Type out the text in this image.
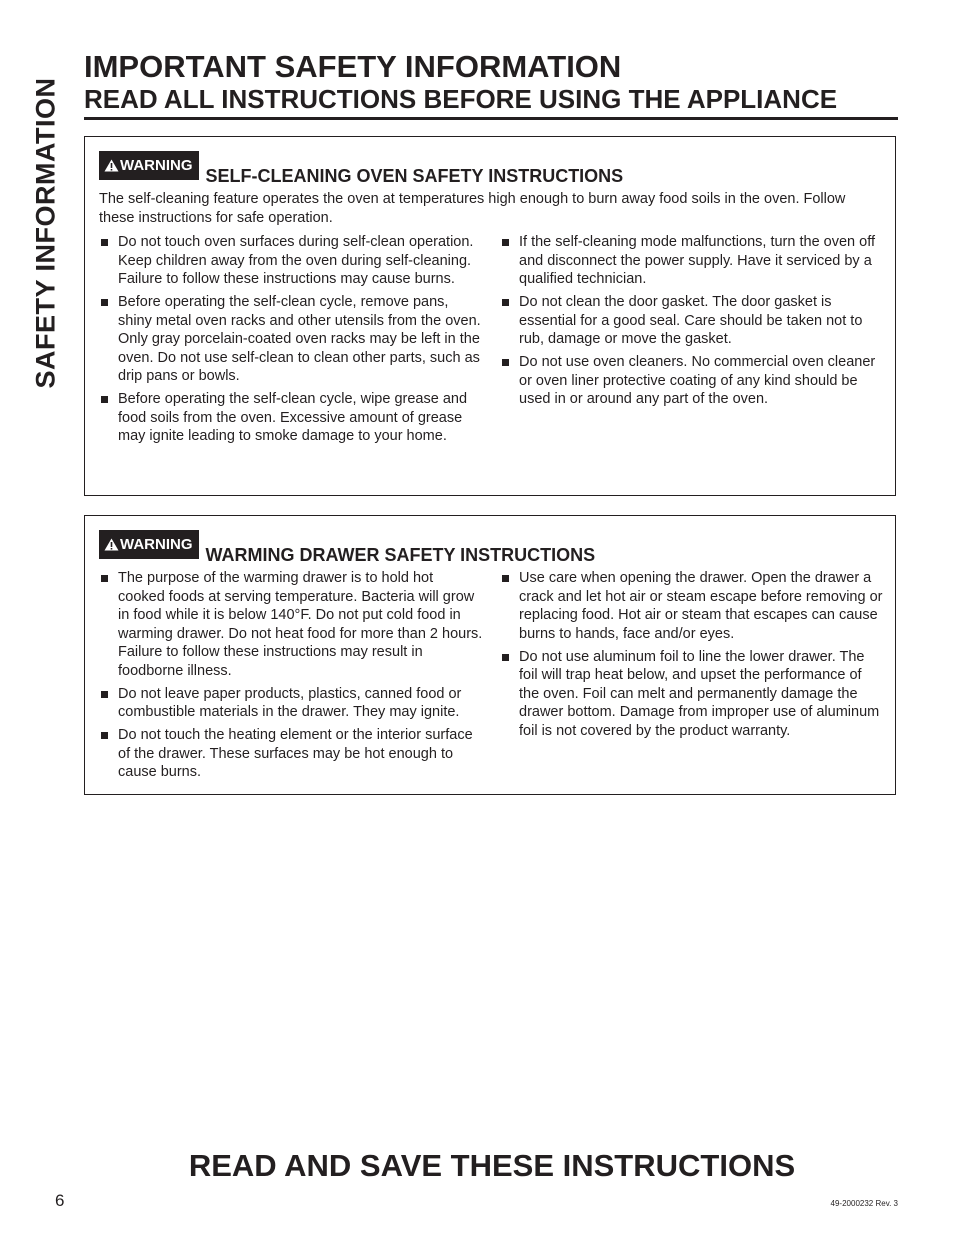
SAFETY INFORMATION
IMPORTANT SAFETY INFORMATION
READ ALL INSTRUCTIONS BEFORE USING THE APPLIANCE
WARNING
SELF-CLEANING OVEN SAFETY INSTRUCTIONS
The self-cleaning feature operates the oven at temperatures high enough to burn away food soils in the oven. Follow these instructions for safe operation.
Do not touch oven surfaces during self-clean operation. Keep children away from the oven during self-cleaning. Failure to follow these instructions may cause burns.
Before operating the self-clean cycle, remove pans, shiny metal oven racks and other utensils from the oven. Only gray porcelain-coated oven racks may be left in the oven. Do not use self-clean to clean other parts, such as drip pans or bowls.
Before operating the self-clean cycle, wipe grease and food soils from the oven. Excessive amount of grease may ignite leading to smoke damage to your home.
If the self-cleaning mode malfunctions, turn the oven off and disconnect the power supply. Have it serviced by a qualified technician.
Do not clean the door gasket. The door gasket is essential for a good seal. Care should be taken not to rub, damage or move the gasket.
Do not use oven cleaners. No commercial oven cleaner or oven liner protective coating of any kind should be used in or around any part of the oven.
WARNING
WARMING DRAWER SAFETY INSTRUCTIONS
The purpose of the warming drawer is to hold hot cooked foods at serving temperature. Bacteria will grow in food while it is below 140°F. Do not put cold food in warming drawer. Do not heat food for more than 2 hours. Failure to follow these instructions may result in foodborne illness.
Do not leave paper products, plastics, canned food or combustible materials in the drawer. They may ignite.
Do not touch the heating element or the interior surface of the drawer. These surfaces may be hot enough to cause burns.
Use care when opening the drawer. Open the drawer a crack and let hot air or steam escape before removing or replacing food. Hot air or steam that escapes can cause burns to hands, face and/or eyes.
Do not use aluminum foil to line the lower drawer. The foil will trap heat below, and upset the performance of the oven. Foil can melt and permanently damage the drawer bottom. Damage from improper use of aluminum foil is not covered by the product warranty.
READ AND SAVE THESE INSTRUCTIONS
6	49-2000232 Rev. 3
